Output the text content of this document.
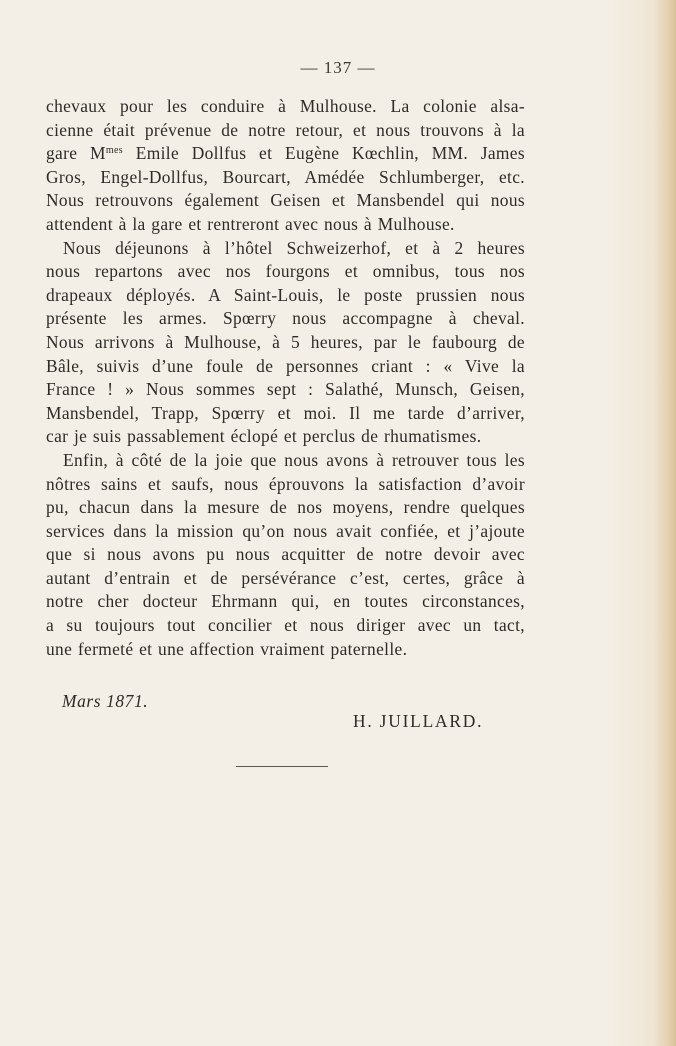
— 137 —
chevaux pour les conduire à Mulhouse. La colonie alsa-
cienne était prévenue de notre retour, et nous trouvons à la
gare $M^{mes}$ Emile Dollfus et Eugène Kœchlin, MM. James
Gros, Engel-Dollfus, Bourcart, Amédée Schlumberger, etc.
Nous retrouvons également Geisen et Mansbendel qui nous
attendent à la gare et rentreront avec nous à Mulhouse.
Nous déjeunons à l’hôtel Schweizerhof, et à 2 heures
nous repartons avec nos fourgons et omnibus, tous nos
drapeaux déployés. A Saint-Louis, le poste prussien nous
présente les armes. Spœrry nous accompagne à cheval.
Nous arrivons à Mulhouse, à 5 heures, par le faubourg de
Bâle, suivis d’une foule de personnes criant : « Vive la
France ! » Nous sommes sept : Salathé, Munsch, Geisen,
Mansbendel, Trapp, Spœrry et moi. Il me tarde d’arriver,
car je suis passablement éclopé et perclus de rhumatismes.
Enfin, à côté de la joie que nous avons à retrouver tous les
nôtres sains et saufs, nous éprouvons la satisfaction d’avoir
pu, chacun dans la mesure de nos moyens, rendre quelques
services dans la mission qu’on nous avait confiée, et j’ajoute
que si nous avons pu nous acquitter de notre devoir avec
autant d’entrain et de persévérance c’est, certes, grâce à
notre cher docteur Ehrmann qui, en toutes circonstances,
a su toujours tout concilier et nous diriger avec un tact,
une fermeté et une affection vraiment paternelle.
Mars 1871.
H. JUILLARD.
